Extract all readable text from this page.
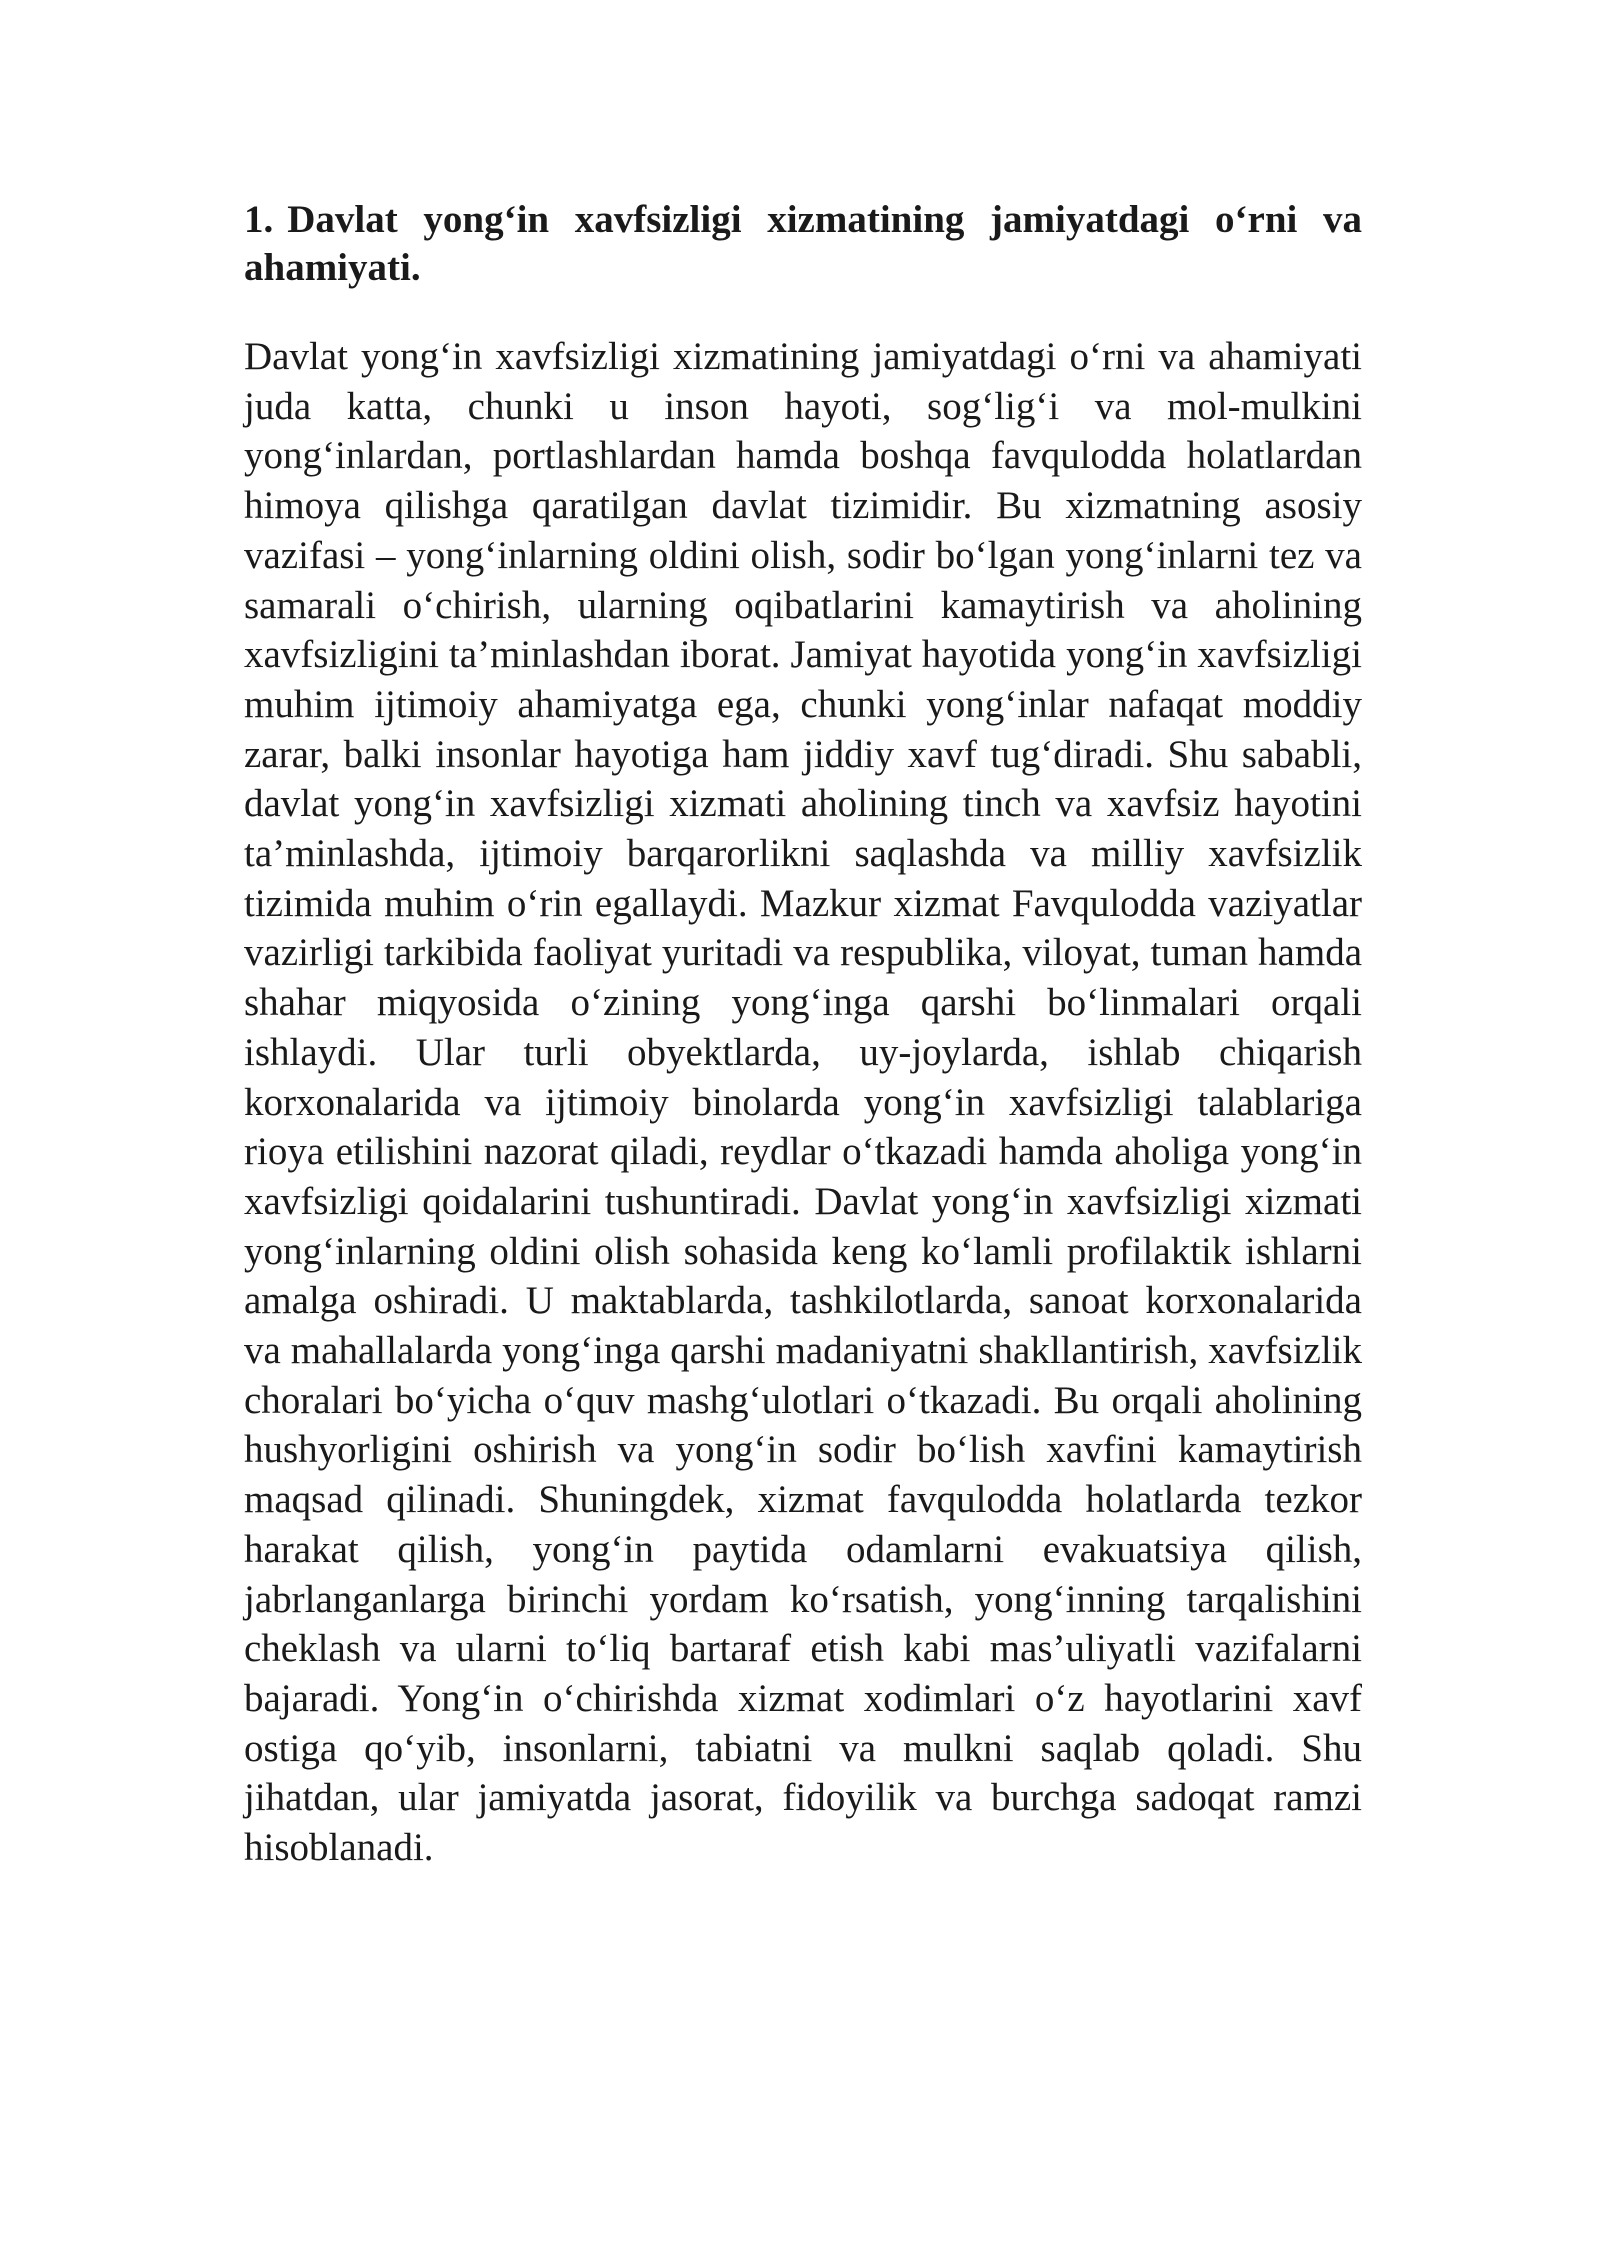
1. Davlat yong‘in xavfsizligi xizmatining jamiyatdagi o‘rni va ahamiyati.

Davlat yong‘in xavfsizligi xizmatining jamiyatdagi o‘rni va ahamiyati juda katta, chunki u inson hayoti, sog‘lig‘i va mol-mulkini yong‘inlardan, portlashlardan hamda boshqa favqulodda holatlardan himoya qilishga qaratilgan davlat tizimidir. Bu xizmatning asosiy vazifasi – yong‘inlarning oldini olish, sodir bo‘lgan yong‘inlarni tez va samarali o‘chirish, ularning oqibatlarini kamaytirish va aholining xavfsizligini ta’minlashdan iborat. Jamiyat hayotida yong‘in xavfsizligi muhim ijtimoiy ahamiyatga ega, chunki yong‘inlar nafaqat moddiy zarar, balki insonlar hayotiga ham jiddiy xavf tug‘diradi. Shu sababli, davlat yong‘in xavfsizligi xizmati aholining tinch va xavfsiz hayotini ta’minlashda, ijtimoiy barqarorlikni saqlashda va milliy xavfsizlik tizimida muhim o‘rin egallaydi. Mazkur xizmat Favqulodda vaziyatlar vazirligi tarkibida faoliyat yuritadi va respublika, viloyat, tuman hamda shahar miqyosida o‘zining yong‘inga qarshi bo‘linmalari orqali ishlaydi. Ular turli obyektlarda, uy-joylarda, ishlab chiqarish korxonalarida va ijtimoiy binolarda yong‘in xavfsizligi talablariga rioya etilishini nazorat qiladi, reydlar o‘tkazadi hamda aholiga yong‘in xavfsizligi qoidalarini tushuntiradi. Davlat yong‘in xavfsizligi xizmati yong‘inlarning oldini olish sohasida keng ko‘lamli profilaktik ishlarni amalga oshiradi. U maktablarda, tashkilotlarda, sanoat korxonalarida va mahallalarda yong‘inga qarshi madaniyatni shakllantirish, xavfsizlik choralari bo‘yicha o‘quv mashg‘ulotlari o‘tkazadi. Bu orqali aholining hushyorligini oshirish va yong‘in sodir bo‘lish xavfini kamaytirish maqsad qilinadi. Shuningdek, xizmat favqulodda holatlarda tezkor harakat qilish, yong‘in paytida odamlarni evakuatsiya qilish, jabrlanganlarga birinchi yordam ko‘rsatish, yong‘inning tarqalishini cheklash va ularni to‘liq bartaraf etish kabi mas’uliyatli vazifalarni bajaradi. Yong‘in o‘chirishda xizmat xodimlari o‘z hayotlarini xavf ostiga qo‘yib, insonlarni, tabiatni va mulkni saqlab qoladi. Shu jihatdan, ular jamiyatda jasorat, fidoyilik va burchga sadoqat ramzi hisoblanadi.
